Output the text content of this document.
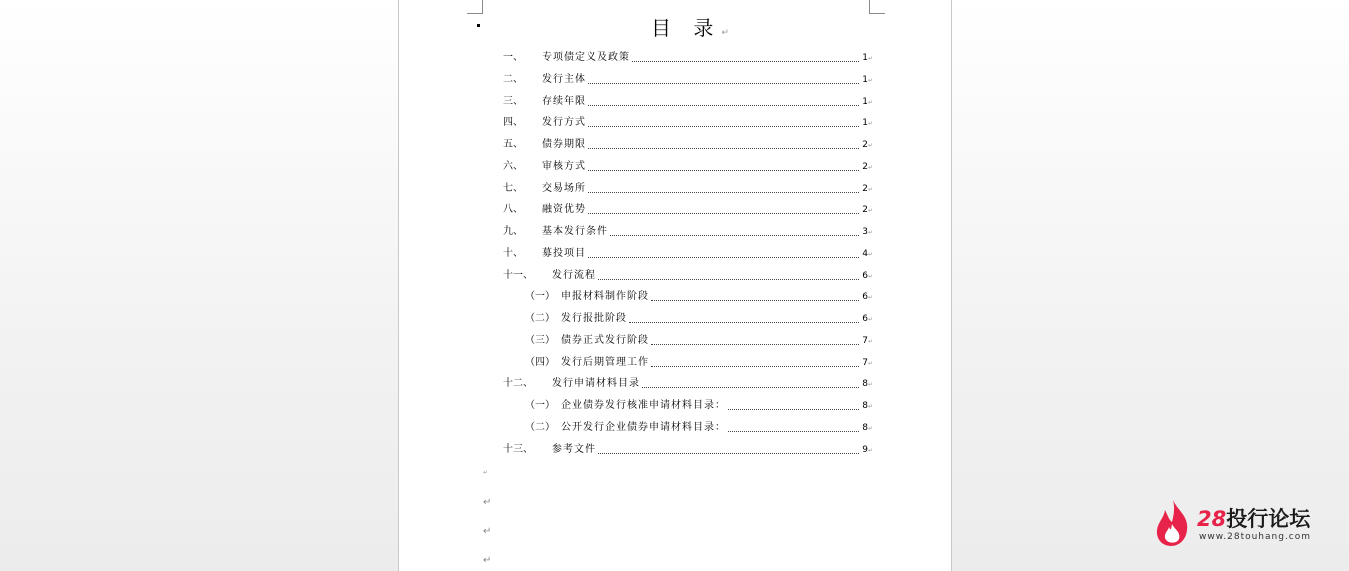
目 录↵
一、 专项债定义及政策	1↵
二、 发行主体	1↵
三、 存续年限	1↵
四、 发行方式	1↵
五、 债券期限	2↵
六、 审核方式	2↵
七、 交易场所	2↵
八、 融资优势	2↵
九、 基本发行条件	3↵
十、 募投项目	4↵
十一、 发行流程	6↵
（一） 申报材料制作阶段	6↵
（二） 发行报批阶段	6↵
（三） 债券正式发行阶段	7↵
（四） 发行后期管理工作	7↵
十二、 发行申请材料目录	8↵
（一） 企业债券发行核准申请材料目录：	8↵
（二） 公开发行企业债券申请材料目录：	8↵
十三、 参考文件	9↵
↵
↵
↵
↵
28投行论坛
www.28touhang.com
